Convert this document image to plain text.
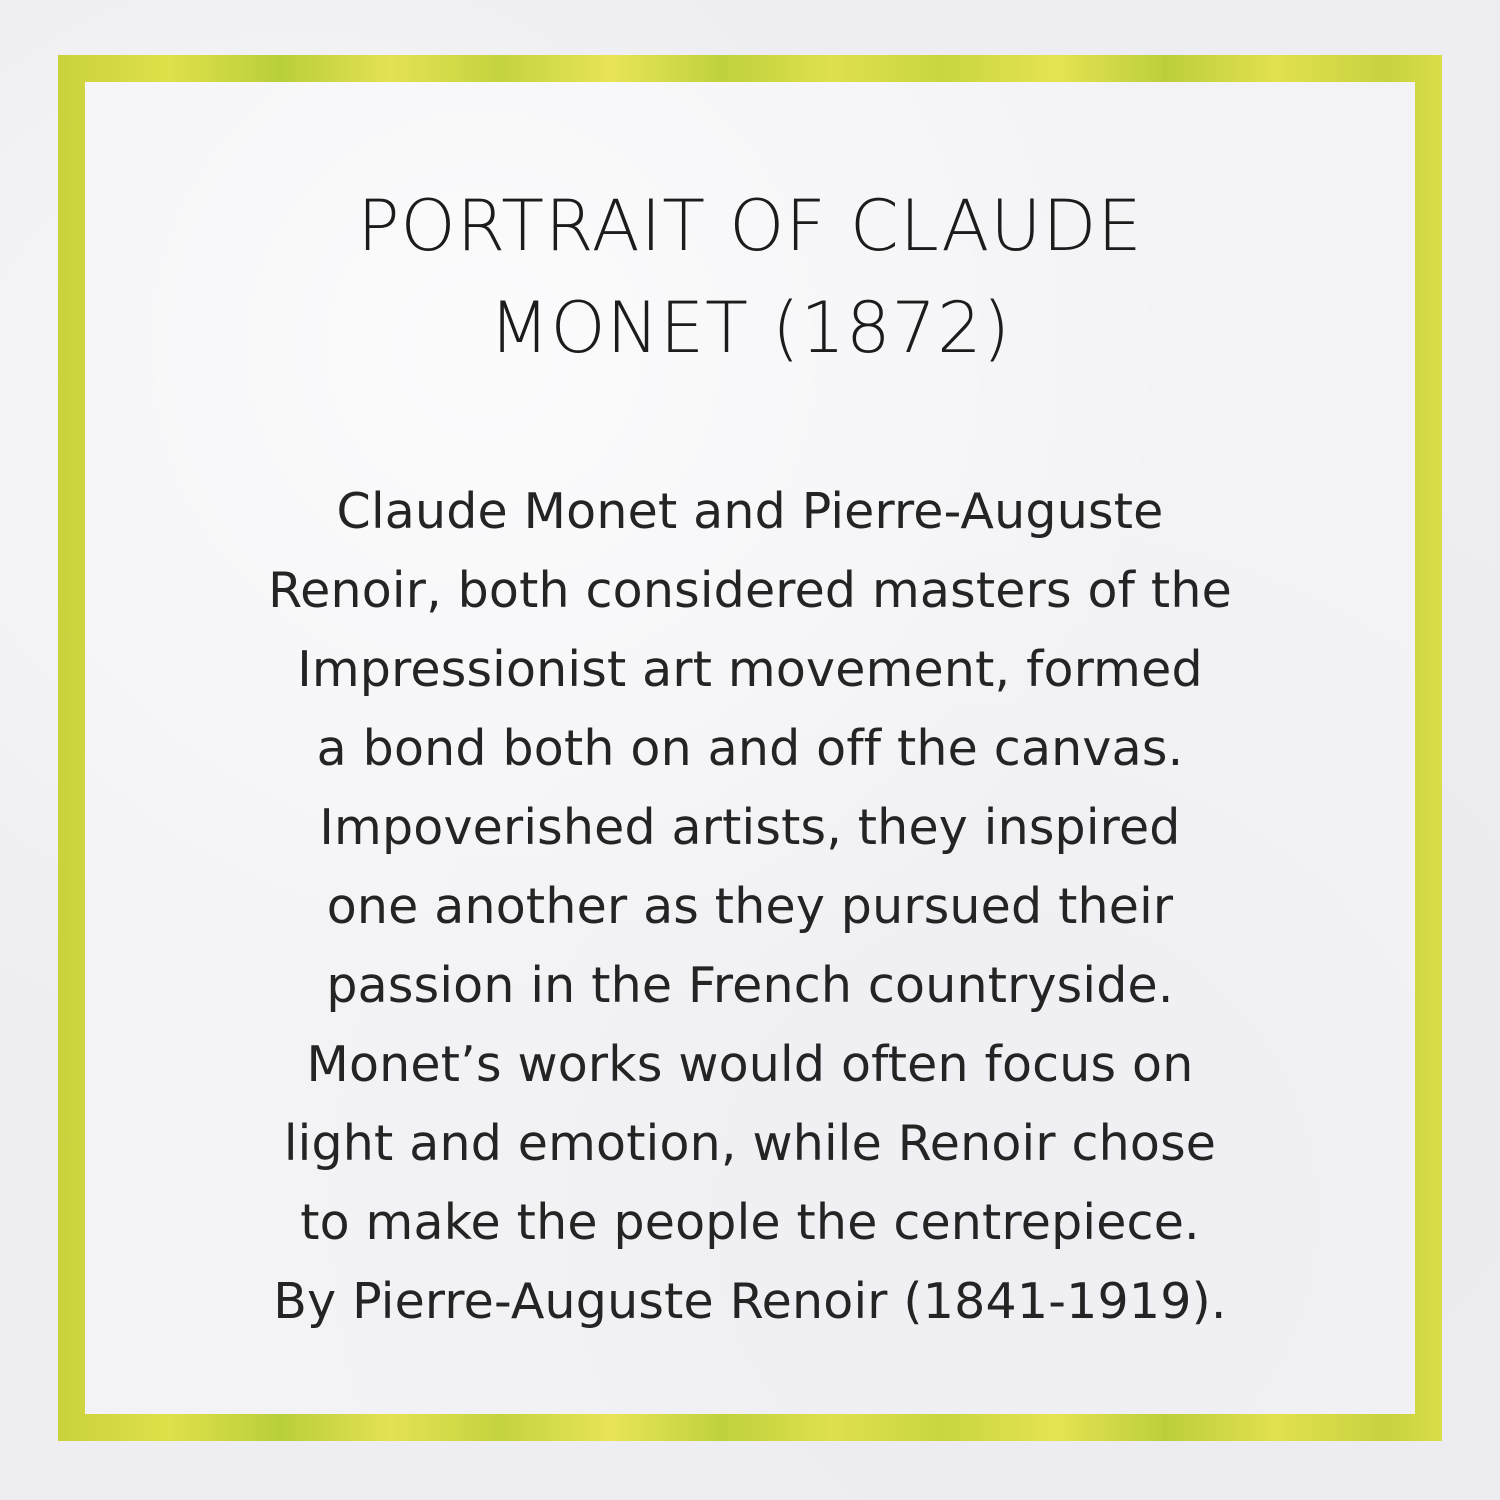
PORTRAIT OF CLAUDE
MONET (1872)
Claude Monet and Pierre-Auguste
Renoir, both considered masters of the
Impressionist art movement, formed
a bond both on and off the canvas.
Impoverished artists, they inspired
one another as they pursued their
passion in the French countryside.
Monet’s works would often focus on
light and emotion, while Renoir chose
to make the people the centrepiece.
By Pierre-Auguste Renoir (1841-1919).
